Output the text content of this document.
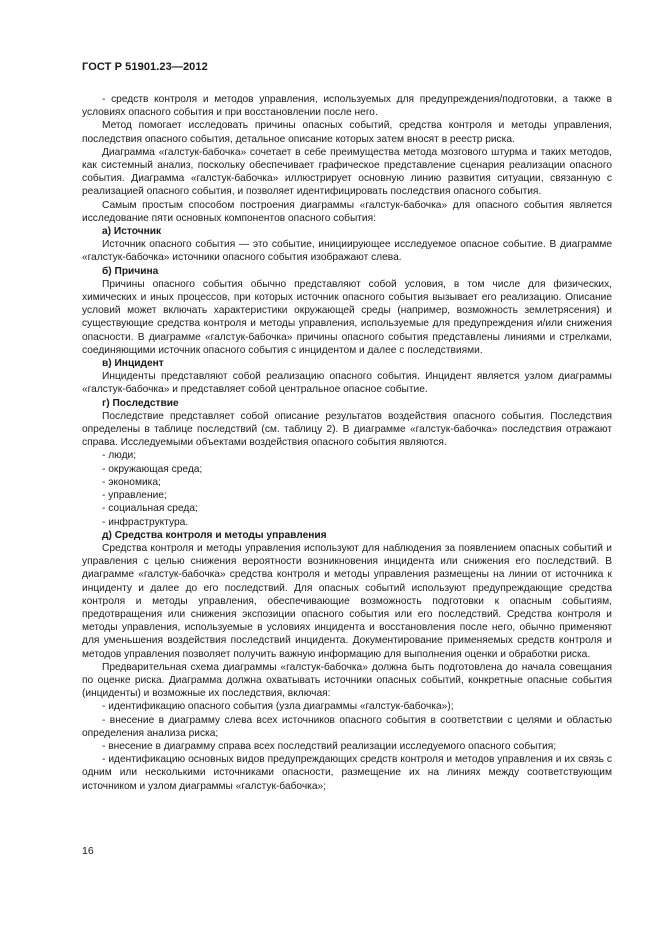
ГОСТ Р 51901.23—2012

- средств контроля и методов управления, используемых для предупреждения/подготовки, а также в условиях опасного события и при восстановлении после него.

Метод помогает исследовать причины опасных событий, средства контроля и методы управления, последствия опасного события, детальное описание которых затем вносят в реестр риска.

Диаграмма «галстук-бабочка» сочетает в себе преимущества метода мозгового штурма и таких методов, как системный анализ, поскольку обеспечивает графическое представление сценария реализации опасного события. Диаграмма «галстук-бабочка» иллюстрирует основную линию развития ситуации, связанную с реализацией опасного события, и позволяет идентифицировать последствия опасного события.

Самым простым способом построения диаграммы «галстук-бабочка» для опасного события является исследование пяти основных компонентов опасного события:

а) Источник

Источник опасного события — это событие, инициирующее исследуемое опасное событие. В диаграмме «галстук-бабочка» источники опасного события изображают слева.

б) Причина

Причины опасного события обычно представляют собой условия, в том числе для физических, химических и иных процессов, при которых источник опасного события вызывает его реализацию. Описание условий может включать характеристики окружающей среды (например, возможность землетрясения) и существующие средства контроля и методы управления, используемые для предупреждения и/или снижения опасности. В диаграмме «галстук-бабочка» причины опасного события представлены линиями и стрелками, соединяющими источник опасного события с инцидентом и далее с последствиями.

в) Инцидент

Инциденты представляют собой реализацию опасного события. Инцидент является узлом диаграммы «галстук-бабочка» и представляет собой центральное опасное событие.

г) Последствие

Последствие представляет собой описание результатов воздействия опасного события. Последствия определены в таблице последствий (см. таблицу 2). В диаграмме «галстук-бабочка» последствия отражают справа. Исследуемыми объектами воздействия опасного события являются.

- люди;

- окружающая среда;

- экономика;

- управление;

- социальная среда;

- инфраструктура.

д) Средства контроля и методы управления

Средства контроля и методы управления используют для наблюдения за появлением опасных событий и управления с целью снижения вероятности возникновения инцидента или снижения его последствий. В диаграмме «галстук-бабочка» средства контроля и методы управления размещены на линии от источника к инциденту и далее до его последствий. Для опасных событий используют предупреждающие средства контроля и методы управления, обеспечивающие возможность подготовки к опасным событиям, предотвращения или снижения экспозиции опасного события или его последствий. Средства контроля и методы управления, используемые в условиях инцидента и восстановления после него, обычно применяют для уменьшения воздействия последствий инцидента. Документирование применяемых средств контроля и методов управления позволяет получить важную информацию для выполнения оценки и обработки риска.

Предварительная схема диаграммы «галстук-бабочка» должна быть подготовлена до начала совещания по оценке риска. Диаграмма должна охватывать источники опасных событий, конкретные опасные события (инциденты) и возможные их последствия, включая:

- идентификацию опасного события (узла диаграммы «галстук-бабочка»);

- внесение в диаграмму слева всех источников опасного события в соответствии с целями и областью определения анализа риска;

- внесение в диаграмму справа всех последствий реализации исследуемого опасного события;

- идентификацию основных видов предупреждающих средств контроля и методов управления и их связь с одним или несколькими источниками опасности, размещение их на линиях между соответствующим источником и узлом диаграммы «галстук-бабочка»;

16
